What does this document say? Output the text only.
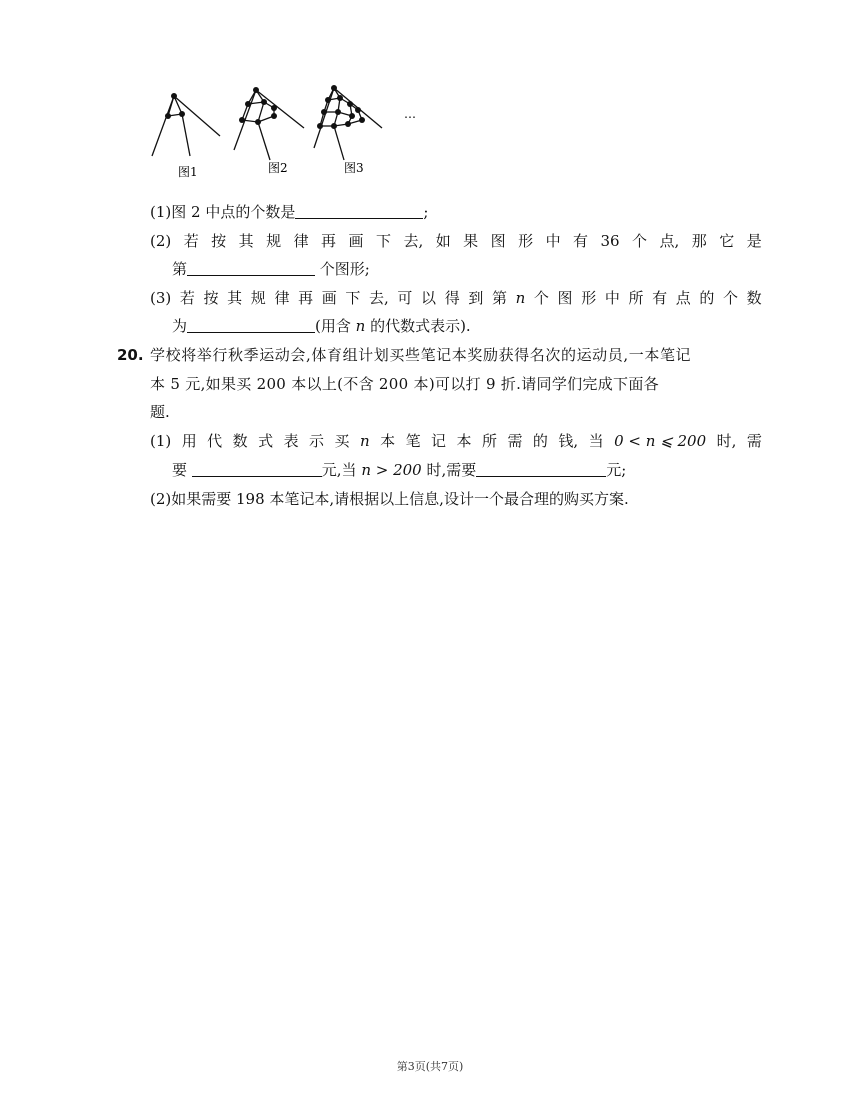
图1	图2	图3
…
(1)图 2 中点的个数是	;
(2) 若 按 其 规 律 再 画 下 去, 如 果 图 形 中 有 36 个 点, 那 它 是
第	个图形;
(3) 若 按 其 规 律 再 画 下 去, 可 以 得 到 第 n 个 图 形 中 所 有 点 的 个 数
为	(用含 n 的代数式表示).
20. 学校将举行秋季运动会,体育组计划买些笔记本奖励获得名次的运动员,一本笔记
本 5 元,如果买 200 本以上(不含 200 本)可以打 9 折.请同学们完成下面各
题.
(1) 用 代 数 式 表 示 买 n 本 笔 记 本 所 需 的 钱, 当 0 < n ⩽ 200 时, 需
要	元,当 n > 200 时,需要	元;
(2)如果需要 198 本笔记本,请根据以上信息,设计一个最合理的购买方案.
第3页(共7页)
